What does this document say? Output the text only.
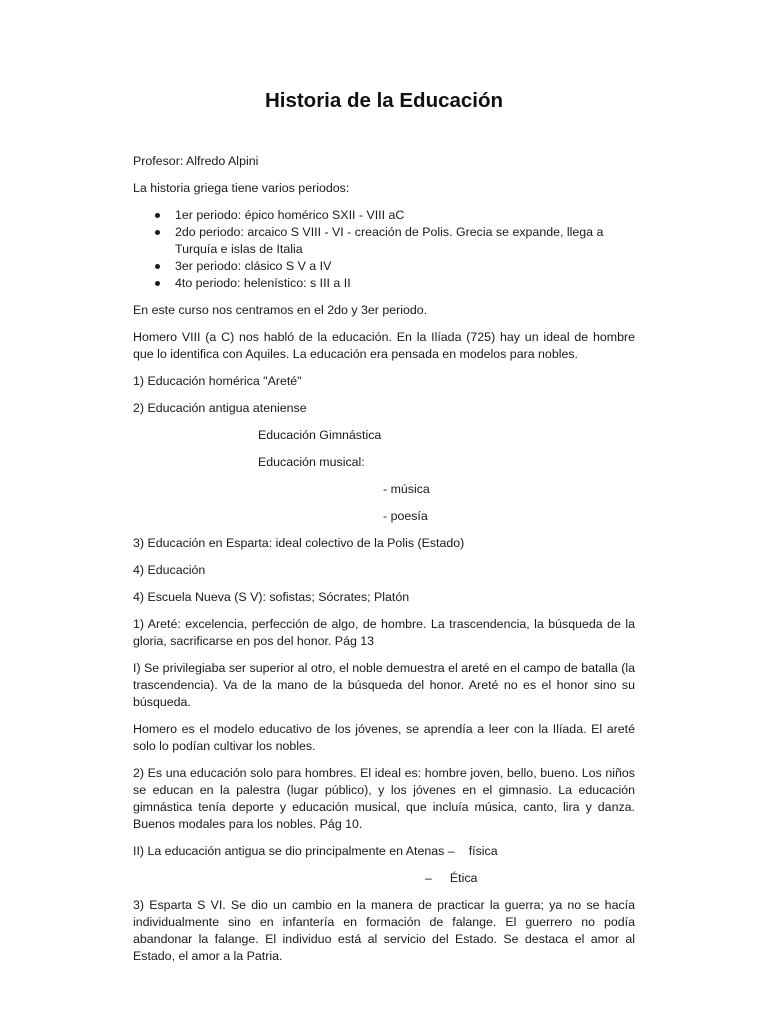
Historia de la Educación

Profesor: Alfredo Alpini

La historia griega tiene varios periodos:

1er periodo: épico homérico SXII - VIII aC
2do periodo: arcaico S VIII - VI - creación de Polis. Grecia se expande, llega a Turquía e islas de Italia
3er periodo: clásico S V a IV
4to periodo: helenístico: s III a II

En este curso nos centramos en el 2do y 3er periodo.

Homero VIII (a C) nos habló de la educación. En la Ilíada (725) hay un ideal de hombre que lo identifica con Aquiles. La educación era pensada en modelos para nobles.

1) Educación homérica "Areté"

2) Educación antigua ateniense

Educación Gimnástica

Educación musical:

- música

- poesía

3) Educación en Esparta: ideal colectivo de la Polis (Estado)

4) Educación

4) Escuela Nueva (S V): sofistas; Sócrates; Platón

1) Areté: excelencia, perfección de algo, de hombre. La trascendencia, la búsqueda de la gloria, sacrificarse en pos del honor. Pág 13

I) Se privilegiaba ser superior al otro, el noble demuestra el areté en el campo de batalla (la trascendencia). Va de la mano de la búsqueda del honor. Areté no es el honor sino su búsqueda.

Homero es el modelo educativo de los jóvenes, se aprendía a leer con la Ilíada. El areté solo lo podían cultivar los nobles.

2) Es una educación solo para hombres. El ideal es: hombre joven, bello, bueno. Los niños se educan en la palestra (lugar público), y los jóvenes en el gimnasio. La educación gimnástica tenía deporte y educación musical, que incluía música, canto, lira y danza. Buenos modales para los nobles. Pág 10.

II) La educación antigua se dio principalmente en Atenas – física
– Ética

3) Esparta S VI. Se dio un cambio en la manera de practicar la guerra; ya no se hacía individualmente sino en infantería en formación de falange. El guerrero no podía abandonar la falange. El individuo está al servicio del Estado. Se destaca el amor al Estado, el amor a la Patria.
